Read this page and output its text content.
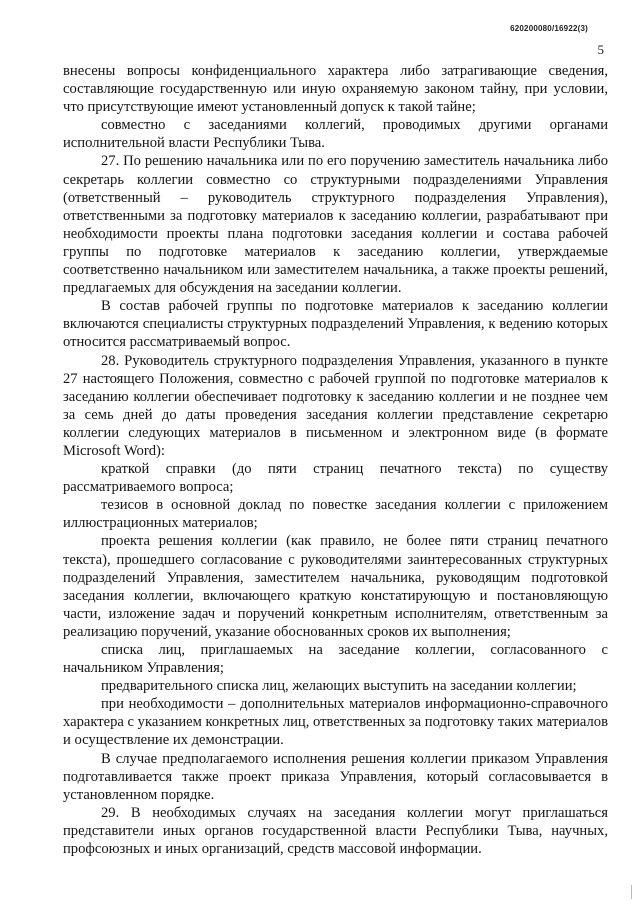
620200080/16922(3)
5

внесены вопросы конфиденциального характера либо затрагивающие сведения, составляющие государственную или иную охраняемую законом тайну, при условии, что присутствующие имеют установленный допуск к такой тайне;

совместно с заседаниями коллегий, проводимых другими органами исполнительной власти Республики Тыва.

27. По решению начальника или по его поручению заместитель начальника либо секретарь коллегии совместно со структурными подразделениями Управления (ответственный – руководитель структурного подразделения Управления), ответственными за подготовку материалов к заседанию коллегии, разрабатывают при необходимости проекты плана подготовки заседания коллегии и состава рабочей группы по подготовке материалов к заседанию коллегии, утверждаемые соответственно начальником или заместителем начальника, а также проекты решений, предлагаемых для обсуждения на заседании коллегии.

В состав рабочей группы по подготовке материалов к заседанию коллегии включаются специалисты структурных подразделений Управления, к ведению которых относится рассматриваемый вопрос.

28. Руководитель структурного подразделения Управления, указанного в пункте 27 настоящего Положения, совместно с рабочей группой по подготовке материалов к заседанию коллегии обеспечивает подготовку к заседанию коллегии и не позднее чем за семь дней до даты проведения заседания коллегии представление секретарю коллегии следующих материалов в письменном и электронном виде (в формате Microsoft Word):

краткой справки (до пяти страниц печатного текста) по существу рассматриваемого вопроса;

тезисов в основной доклад по повестке заседания коллегии с приложением иллюстрационных материалов;

проекта решения коллегии (как правило, не более пяти страниц печатного текста), прошедшего согласование с руководителями заинтересованных структурных подразделений Управления, заместителем начальника, руководящим подготовкой заседания коллегии, включающего краткую констатирующую и постановляющую части, изложение задач и поручений конкретным исполнителям, ответственным за реализацию поручений, указание обоснованных сроков их выполнения;

списка лиц, приглашаемых на заседание коллегии, согласованного с начальником Управления;

предварительного списка лиц, желающих выступить на заседании коллегии;

при необходимости – дополнительных материалов информационно-справочного характера с указанием конкретных лиц, ответственных за подготовку таких материалов и осуществление их демонстрации.

В случае предполагаемого исполнения решения коллегии приказом Управления подготавливается также проект приказа Управления, который согласовывается в установленном порядке.

29. В необходимых случаях на заседания коллегии могут приглашаться представители иных органов государственной власти Республики Тыва, научных, профсоюзных и иных организаций, средств массовой информации.
